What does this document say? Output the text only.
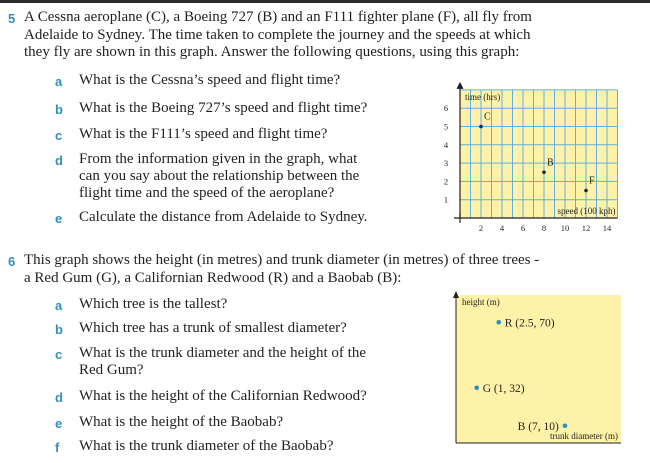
5 A Cessna aeroplane (C), a Boeing 727 (B) and an F111 fighter plane (F), all fly from
Adelaide to Sydney. The time taken to complete the journey and the speeds at which
they fly are shown in this graph. Answer the following questions, using this graph:
a What is the Cessna’s speed and flight time?
b What is the Boeing 727’s speed and flight time?
c What is the F111’s speed and flight time?
d From the information given in the graph, what
can you say about the relationship between the
flight time and the speed of the aeroplane?
e Calculate the distance from Adelaide to Sydney.
2 4 6 8 10 12 14
1
2
3
4
5
6
time (hrs)
speed (100 kph)
C
B
F
6 This graph shows the height (in metres) and trunk diameter (in metres) of three trees -
a Red Gum (G), a Californian Redwood (R) and a Baobab (B):
a Which tree is the tallest?
b Which tree has a trunk of smallest diameter?
c What is the trunk diameter and the height of the
Red Gum?
d What is the height of the Californian Redwood?
e What is the height of the Baobab?
f What is the trunk diameter of the Baobab?
height (m)
trunk diameter (m)
R (2.5, 70)
G (1, 32)
B (7, 10)
